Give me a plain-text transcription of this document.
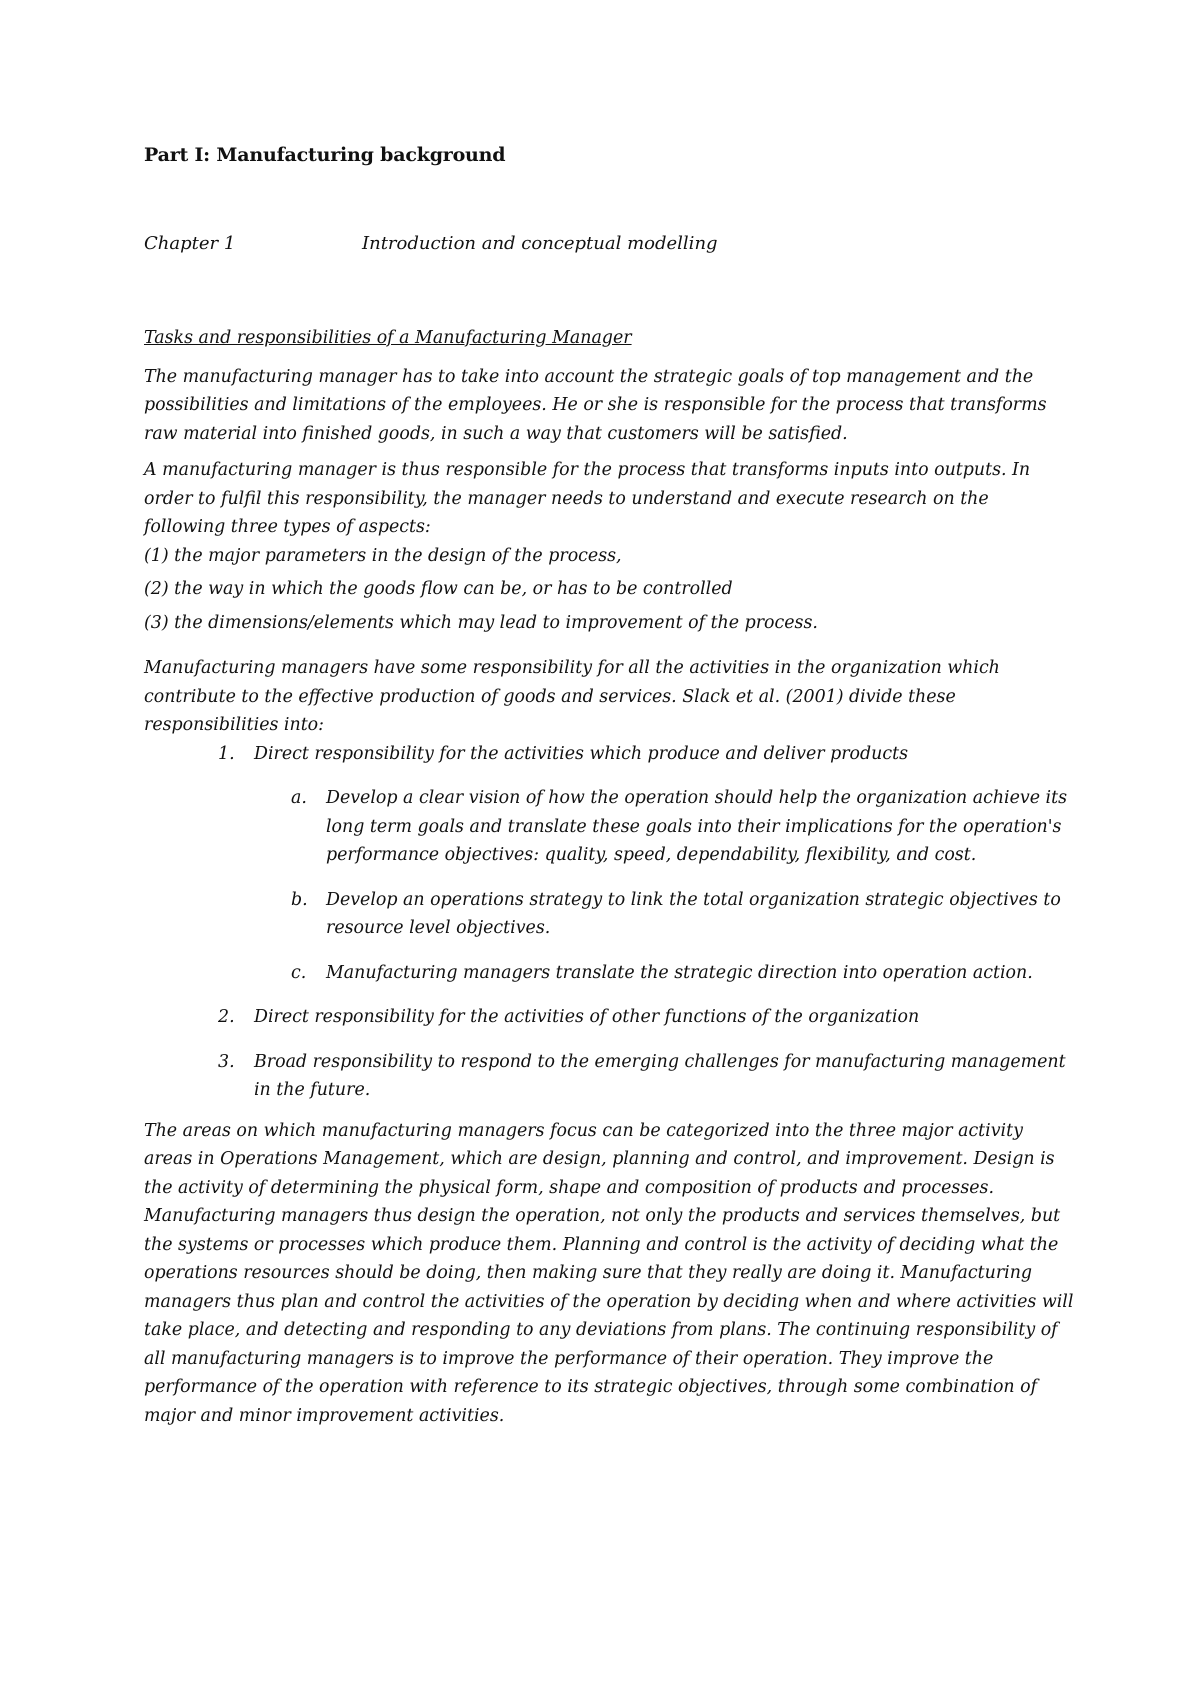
Part I: Manufacturing background
Chapter 1	Introduction and conceptual modelling
Tasks and responsibilities of a Manufacturing Manager

The manufacturing manager has to take into account the strategic goals of top management and the possibilities and limitations of the employees. He or she is responsible for the process that transforms raw material into finished goods, in such a way that customers will be satisfied.

A manufacturing manager is thus responsible for the process that transforms inputs into outputs. In order to fulfil this responsibility, the manager needs to understand and execute research on the following three types of aspects:

(1) the major parameters in the design of the process,
(2) the way in which the goods flow can be, or has to be controlled
(3) the dimensions/elements which may lead to improvement of the process.

Manufacturing managers have some responsibility for all the activities in the organization which contribute to the effective production of goods and services. Slack et al. (2001) divide these responsibilities into:

1. Direct responsibility for the activities which produce and deliver products
a. Develop a clear vision of how the operation should help the organization achieve its long term goals and translate these goals into their implications for the operation's performance objectives: quality, speed, dependability, flexibility, and cost.
b. Develop an operations strategy to link the total organization strategic objectives to resource level objectives.
c. Manufacturing managers translate the strategic direction into operation action.
2. Direct responsibility for the activities of other functions of the organization
3. Broad responsibility to respond to the emerging challenges for manufacturing management in the future.

The areas on which manufacturing managers focus can be categorized into the three major activity areas in Operations Management, which are design, planning and control, and improvement. Design is the activity of determining the physical form, shape and composition of products and processes. Manufacturing managers thus design the operation, not only the products and services themselves, but the systems or processes which produce them. Planning and control is the activity of deciding what the operations resources should be doing, then making sure that they really are doing it. Manufacturing managers thus plan and control the activities of the operation by deciding when and where activities will take place, and detecting and responding to any deviations from plans. The continuing responsibility of all manufacturing managers is to improve the performance of their operation. They improve the performance of the operation with reference to its strategic objectives, through some combination of major and minor improvement activities.
